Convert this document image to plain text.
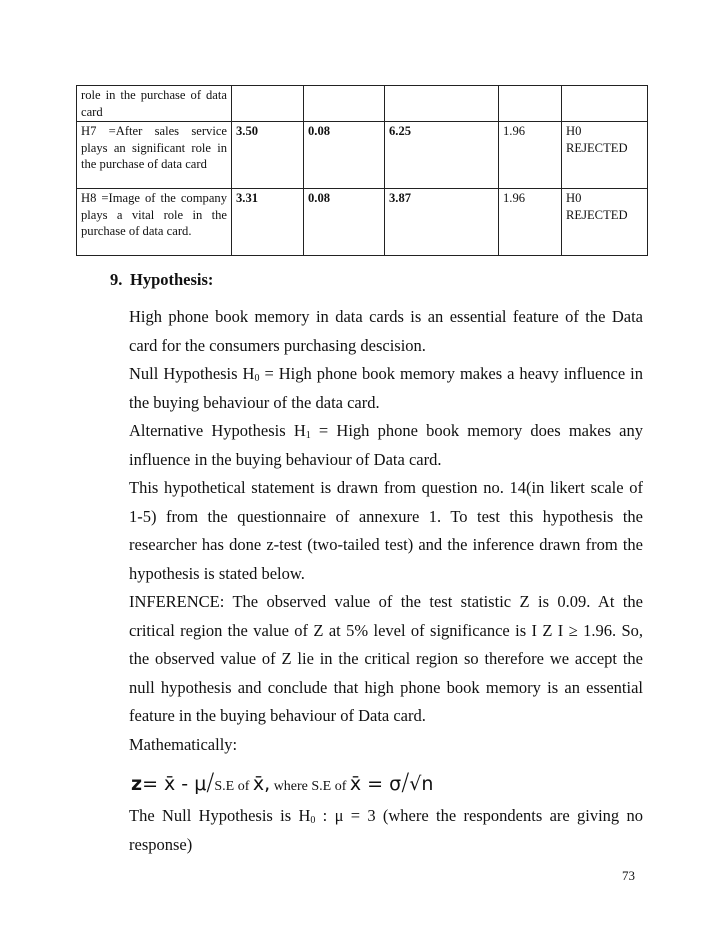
role in the purchase of data card					
H7 =After sales service plays an significant role in the purchase of data card	3.50	0.08	6.25	1.96	H0 REJECTED
H8 =Image of the company plays a vital role in the purchase of data card.	3.31	0.08	3.87	1.96	H0 REJECTED
9. Hypothesis:
High phone book memory in data cards is an essential feature of the Data
card for the consumers purchasing descision.
Null Hypothesis $H_0$ = High phone book memory makes a heavy influence in
the buying behaviour of the data card.
Alternative Hypothesis $H_1$ = High phone book memory does makes any
influence in the buying behaviour of Data card.
This hypothetical statement is drawn from question no. 14(in likert scale of
1-5) from the questionnaire of annexure 1. To test this hypothesis the
researcher has done z-test (two-tailed test) and the inference drawn from the
hypothesis is stated below.
INFERENCE: The observed value of the test statistic Z is 0.09. At the
critical region the value of Z at 5% level of significance is I Z I ≥ 1.96. So,
the observed value of Z lie in the critical region so therefore we accept the
null hypothesis and conclude that high phone book memory is an essential
feature in the buying behaviour of Data card.
Mathematically:
z= x̄ - μ/S.E of x̄, where S.E of x̄ = σ/√n
The Null Hypothesis is $H_0$ : μ = 3 (where the respondents are giving no
response)
73
